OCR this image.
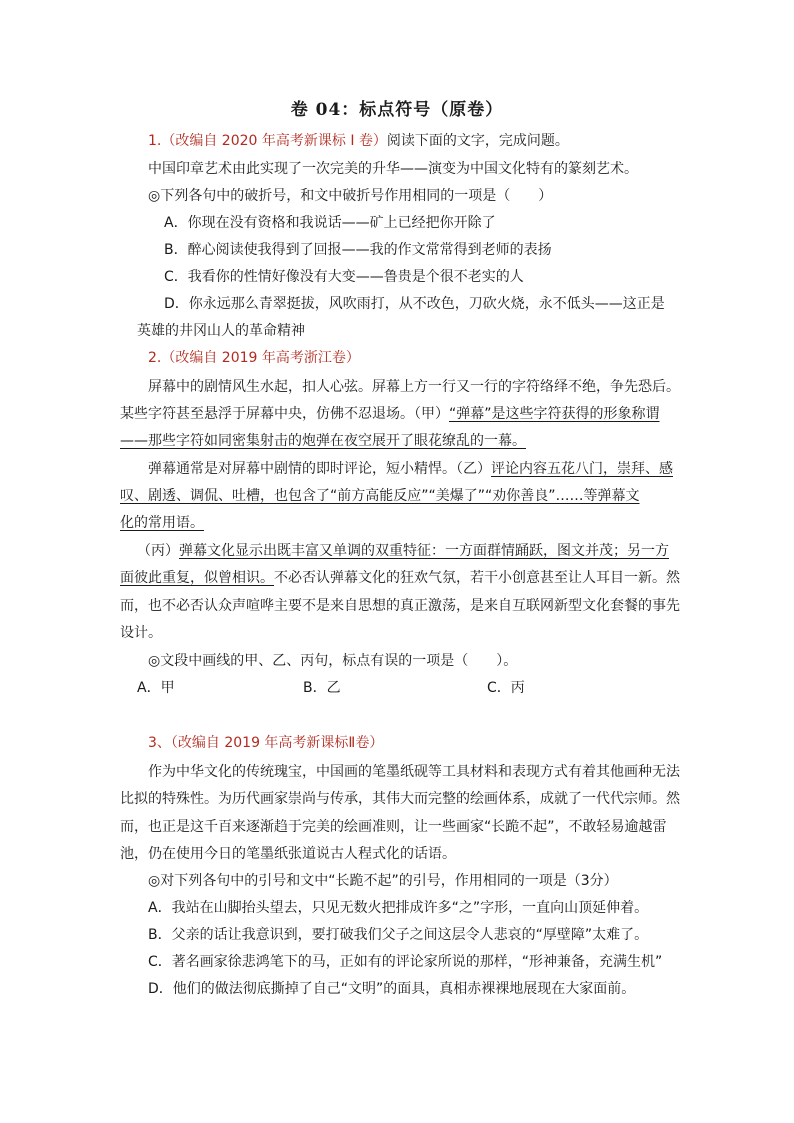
卷 04：标点符号（原卷）
1.（改编自 2020 年高考新课标 I 卷）阅读下面的文字，完成问题。
中国印章艺术由此实现了一次完美的升华——演变为中国文化特有的篆刻艺术。
◎下列各句中的破折号，和文中破折号作用相同的一项是（　　）
A．你现在没有资格和我说话——矿上已经把你开除了
B．醉心阅读使我得到了回报——我的作文常常得到老师的表扬
C．我看你的性情好像没有大变——鲁贵是个很不老实的人
D．你永远那么青翠挺拔，风吹雨打，从不改色，刀砍火烧，永不低头——这正是
英雄的井冈山人的革命精神
2.（改编自 2019 年高考浙江卷）
屏幕中的剧情风生水起，扣人心弦。屏幕上方一行又一行的字符络绎不绝，争先恐后。
某些字符甚至悬浮于屏幕中央，仿佛不忍退场。（甲）“弹幕”是这些字符获得的形象称谓
——那些字符如同密集射击的炮弹在夜空展开了眼花缭乱的一幕。
弹幕通常是对屏幕中剧情的即时评论，短小精悍。（乙）评论内容五花八门，崇拜、感
叹、剧透、调侃、吐槽，也包含了“前方高能反应”“美爆了”“劝你善良”……等弹幕文
化的常用语。
（丙）弹幕文化显示出既丰富又单调的双重特征：一方面群情踊跃，图文并茂；另一方
面彼此重复，似曾相识。不必否认弹幕文化的狂欢气氛，若干小创意甚至让人耳目一新。然
而，也不必否认众声喧哗主要不是来自思想的真正激荡，是来自互联网新型文化套餐的事先
设计。
◎文段中画线的甲、乙、丙句，标点有误的一项是（　　）。
A．甲	B．乙	C．丙
3、（改编自 2019 年高考新课标Ⅱ卷）
作为中华文化的传统瑰宝，中国画的笔墨纸砚等工具材料和表现方式有着其他画种无法
比拟的特殊性。为历代画家崇尚与传承，其伟大而完整的绘画体系，成就了一代代宗师。然
而，也正是这千百来逐渐趋于完美的绘画准则，让一些画家“长跪不起”，不敢轻易逾越雷
池，仍在使用今日的笔墨纸张道说古人程式化的话语。
◎对下列各句中的引号和文中“长跪不起”的引号，作用相同的一项是（3分）
A．我站在山脚抬头望去，只见无数火把排成许多“之”字形，一直向山顶延伸着。
B．父亲的话让我意识到，要打破我们父子之间这层令人悲哀的“厚壁障”太难了。
C．著名画家徐悲鸿笔下的马，正如有的评论家所说的那样，“形神兼备，充满生机”
D．他们的做法彻底撕掉了自己“文明”的面具，真相赤裸裸地展现在大家面前。
